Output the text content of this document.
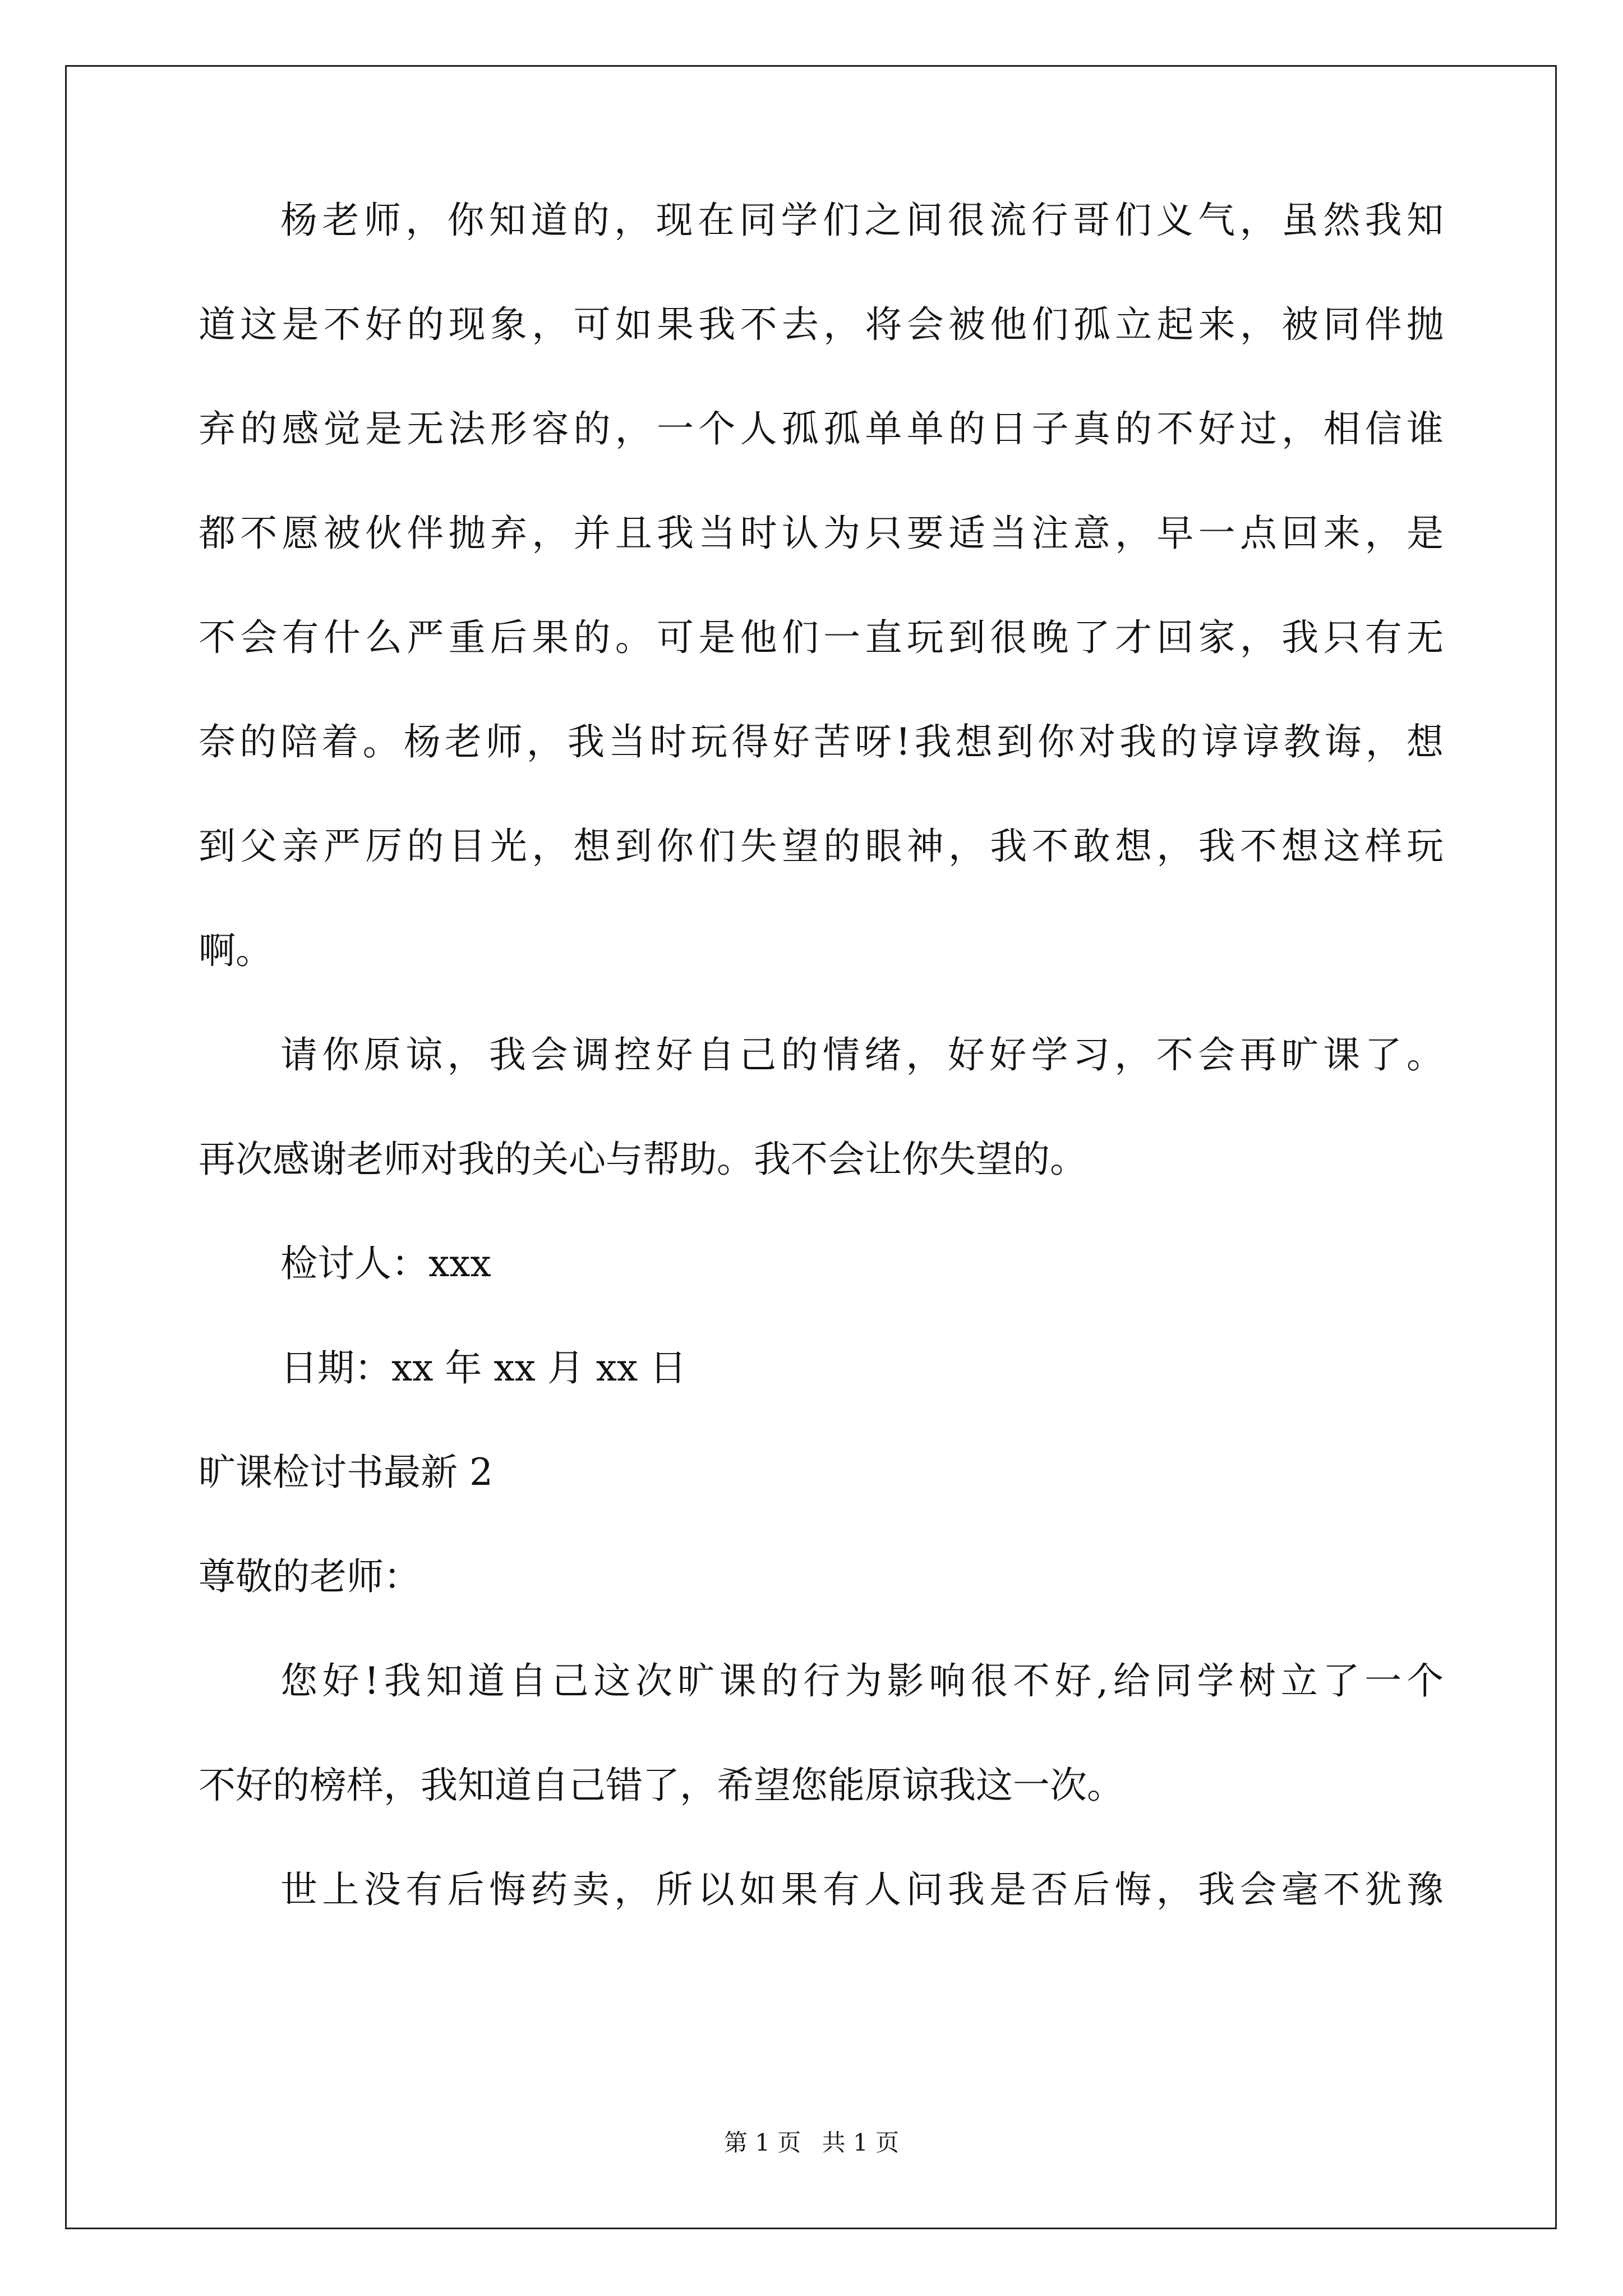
杨老师，你知道的，现在同学们之间很流行哥们义气，虽然我知

道这是不好的现象，可如果我不去，将会被他们孤立起来，被同伴抛

弃的感觉是无法形容的，一个人孤孤单单的日子真的不好过，相信谁

都不愿被伙伴抛弃，并且我当时认为只要适当注意，早一点回来，是

不会有什么严重后果的。可是他们一直玩到很晚了才回家，我只有无

奈的陪着。杨老师，我当时玩得好苦呀!我想到你对我的谆谆教诲，想

到父亲严厉的目光，想到你们失望的眼神，我不敢想，我不想这样玩

啊。

请你原谅，我会调控好自己的情绪，好好学习，不会再旷课了。

再次感谢老师对我的关心与帮助。我不会让你失望的。

检讨人：xxx

日期：xx 年 xx 月 xx 日

旷课检讨书最新 2

尊敬的老师：

您好!我知道自己这次旷课的行为影响很不好,给同学树立了一个

不好的榜样，我知道自己错了，希望您能原谅我这一次。

世上没有后悔药卖，所以如果有人问我是否后悔，我会毫不犹豫

第 1 页 共 1 页
